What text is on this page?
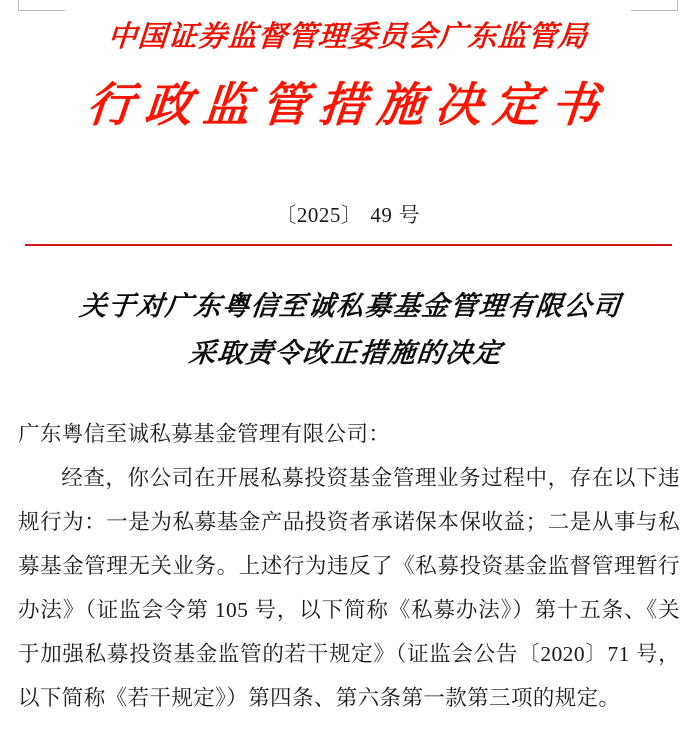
中国证券监督管理委员会广东监管局
行政监管措施决定书
〔2025〕 49 号
关于对广东粤信至诚私募基金管理有限公司
采取责令改正措施的决定

广东粤信至诚私募基金管理有限公司：

经查，你公司在开展私募投资基金管理业务过程中，存在以下违规行为：一是为私募基金产品投资者承诺保本保收益；二是从事与私募基金管理无关业务。上述行为违反了《私募投资基金监督管理暂行办法》（证监会令第 105 号，以下简称《私募办法》）第十五条、《关于加强私募投资基金监管的若干规定》（证监会公告〔2020〕71 号，以下简称《若干规定》）第四条、第六条第一款第三项的规定。
